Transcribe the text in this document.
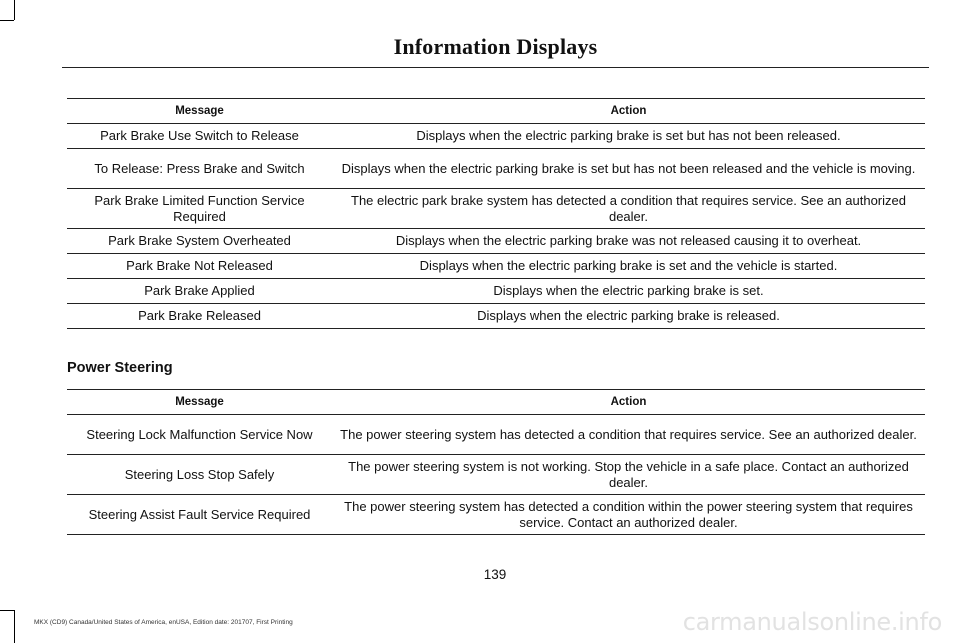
Information Displays
Message	Action
Park Brake Use Switch to Release	Displays when the electric parking brake is set but has not been released.
To Release: Press Brake and Switch	Displays when the electric parking brake is set but has not been released and the vehicle is moving.
Park Brake Limited Function Service Required	The electric park brake system has detected a condition that requires service. See an authorized dealer.
Park Brake System Overheated	Displays when the electric parking brake was not released causing it to overheat.
Park Brake Not Released	Displays when the electric parking brake is set and the vehicle is started.
Park Brake Applied	Displays when the electric parking brake is set.
Park Brake Released	Displays when the electric parking brake is released.
Power Steering
Message	Action
Steering Lock Malfunction Service Now	The power steering system has detected a condition that requires service. See an authorized dealer.
Steering Loss Stop Safely	The power steering system is not working. Stop the vehicle in a safe place. Contact an authorized dealer.
Steering Assist Fault Service Required	The power steering system has detected a condition within the power steering system that requires service. Contact an authorized dealer.
139
MKX (CD9) Canada/United States of America, enUSA, Edition date: 201707, First Printing	carmanualsonline.info
